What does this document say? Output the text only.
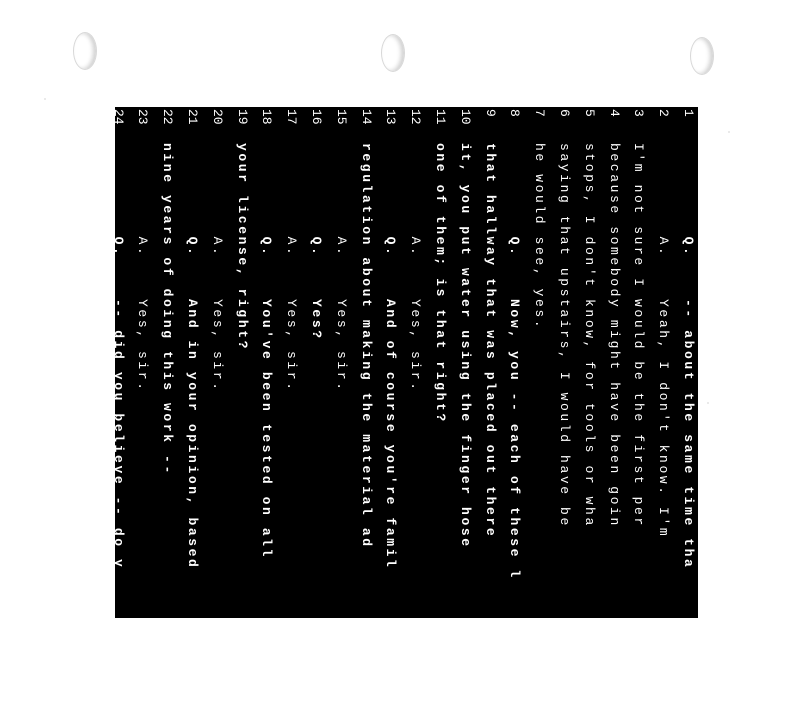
1
Q.    -- about the same time tha
2
A.    Yeah, I don't know. I'm
3
I'm not sure I would be the first per
4
because somebody might have been goin
5
stops, I don't know, for tools or wha
6
saying that upstairs, I would have be
7
he would see, yes.
8
Q.    Now, you -- each of these l
9
that hallway that was placed out there
10
it, you put water using the finger hose
11
one of them; is that right?
12
A.    Yes, sir.
13
Q.    And of course you're famil
14
regulation about making the material ad
15
A.    Yes, sir.
16
Q.    Yes?
17
A.    Yes, sir.
18
Q.    You've been tested on all
19
your license, right?
20
A.    Yes, sir.
21
Q.    And in your opinion, based
22
nine years of doing this work --
23
A.    Yes, sir.
24
Q.    -- did you believe -- do y
